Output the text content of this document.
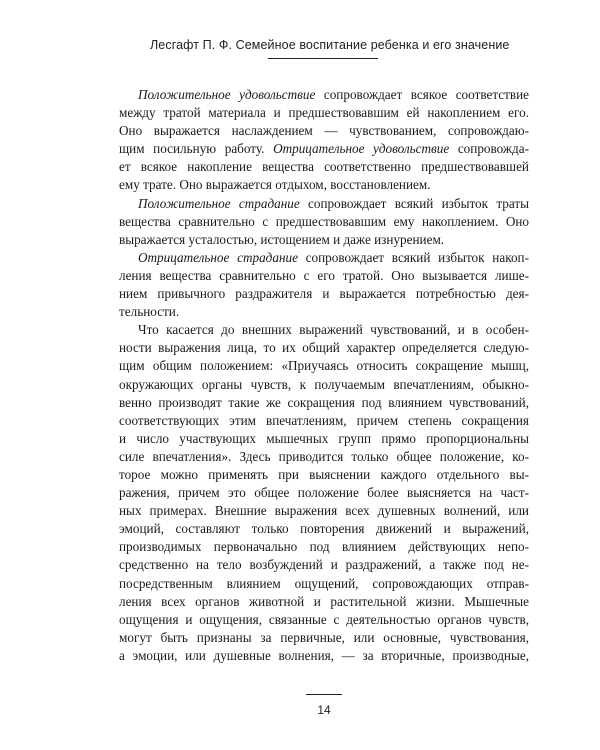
Лесгафт П. Ф. Семейное воспитание ребенка и его значение

Положительное удовольствие сопровождает всякое соответствие
между тратой материала и предшествовавшим ей накоплением его.
Оно выражается наслаждением — чувствованием, сопровождаю-
щим посильную работу. Отрицательное удовольствие сопровожда-
ет всякое накопление вещества соответственно предшествовавшей
ему трате. Оно выражается отдыхом, восстановлением.

Положительное страдание сопровождает всякий избыток траты
вещества сравнительно с предшествовавшим ему накоплением. Оно
выражается усталостью, истощением и даже изнурением.

Отрицательное страдание сопровождает всякий избыток накоп-
ления вещества сравнительно с его тратой. Оно вызывается лише-
нием привычного раздражителя и выражается потребностью дея-
тельности.

Что касается до внешних выражений чувствований, и в особен-
ности выражения лица, то их общий характер определяется следую-
щим общим положением: «Приучаясь относить сокращение мышц,
окружающих органы чувств, к получаемым впечатлениям, обыкно-
венно производят такие же сокращения под влиянием чувствований,
соответствующих этим впечатлениям, причем степень сокращения
и число участвующих мышечных групп прямо пропорциональны
силе впечатления». Здесь приводится только общее положение, ко-
торое можно применять при выяснении каждого отдельного вы-
ражения, причем это общее положение более выясняется на част-
ных примерах. Внешние выражения всех душевных волнений, или
эмоций, составляют только повторения движений и выражений,
производимых первоначально под влиянием действующих непо-
средственно на тело возбуждений и раздражений, а также под не-
посредственным влиянием ощущений, сопровождающих отправ-
ления всех органов животной и растительной жизни. Мышечные
ощущения и ощущения, связанные с деятельностью органов чувств,
могут быть признаны за первичные, или основные, чувствования,
а эмоции, или душевные волнения, — за вторичные, производные,

14
